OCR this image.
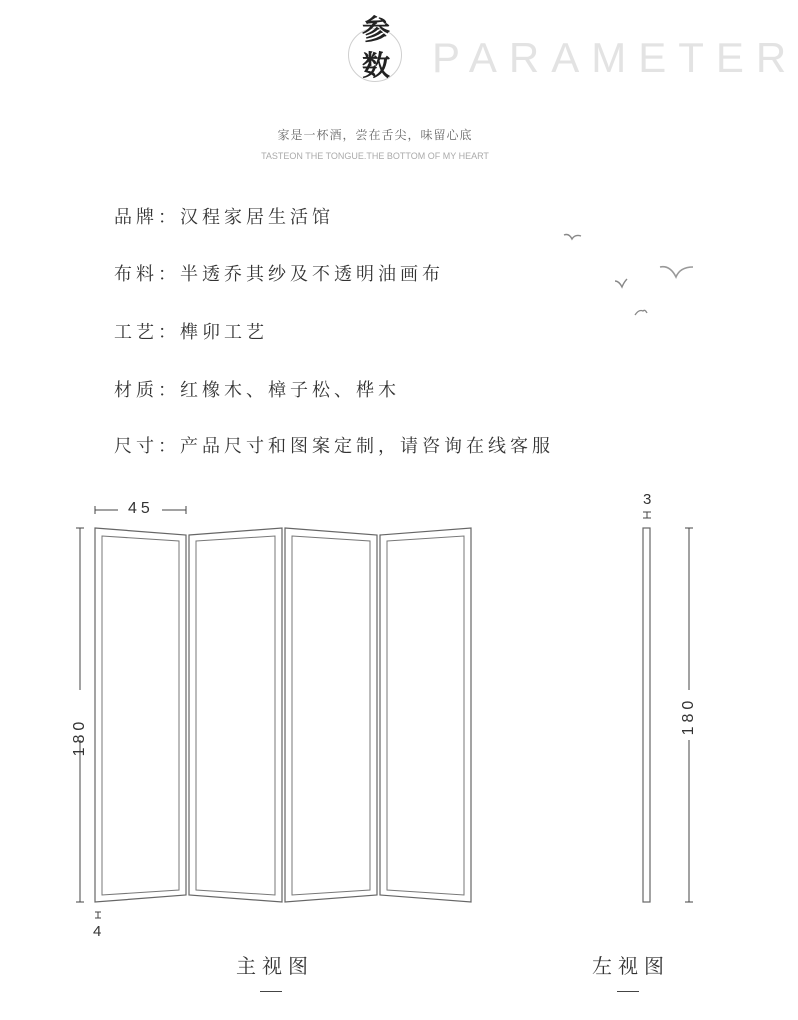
参
数 PARAMETER
家是一杯酒，尝在舌尖，味留心底
TASTEON THE TONGUE.THE BOTTOM OF MY HEART
品牌：汉程家居生活馆
布料：半透乔其纱及不透明油画布
工艺：榫卯工艺
材质：红橡木、樟子松、桦木
尺寸：产品尺寸和图案定制，请咨询在线客服
45
180
4
3
180
主视图	左视图
